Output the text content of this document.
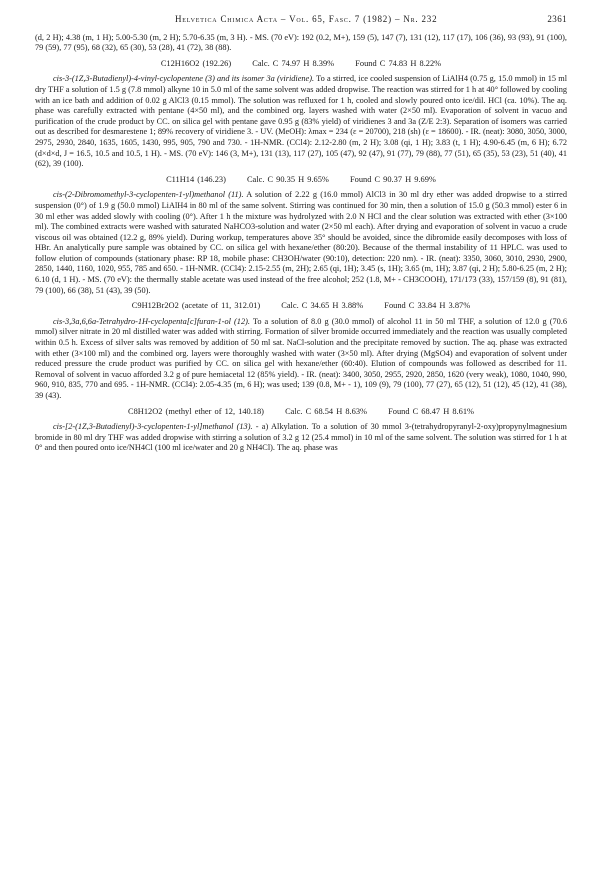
Helvetica Chimica Acta – Vol. 65, Fasc. 7 (1982) – Nr. 232	2361

(d, 2 H); 4.38 (m, 1 H); 5.00-5.30 (m, 2 H); 5.70-6.35 (m, 3 H). - MS. (70 eV): 192 (0.2, M+), 159 (5), 147 (7), 131 (12), 117 (17), 106 (36), 93 (93), 91 (100), 79 (59), 77 (95), 68 (32), 65 (30), 53 (28), 41 (72), 38 (88).

C12H16O2 (192.26)	Calc. C 74.97 H 8.39%	Found C 74.83 H 8.22%

cis-3-(1Z,3-Butadienyl)-4-vinyl-cyclopentene (3) and its isomer 3a (viridiene). To a stirred, ice cooled suspension of LiAlH4 (0.75 g, 15.0 mmol) in 15 ml dry THF a solution of 1.5 g (7.8 mmol) alkyne 10 in 5.0 ml of the same solvent was added dropwise. The reaction was stirred for 1 h at 40° followed by cooling with an ice bath and addition of 0.02 g AlCl3 (0.15 mmol). The solution was refluxed for 1 h, cooled and slowly poured onto ice/dil. HCl (ca. 10%). The aq. phase was carefully extracted with pentane (4×50 ml), and the combined org. layers washed with water (2×50 ml). Evaporation of solvent in vacuo and purification of the crude product by CC. on silica gel with pentane gave 0.95 g (83% yield) of viridienes 3 and 3a (Z/E 2:3). Separation of isomers was carried out as described for desmarestene 1; 89% recovery of viridiene 3. - UV. (MeOH): λmax = 234 (ε = 20700), 218 (sh) (ε = 18600). - IR. (neat): 3080, 3050, 3000, 2975, 2930, 2840, 1635, 1605, 1430, 995, 905, 790 and 730. - 1H-NMR. (CCl4): 2.12-2.80 (m, 2 H); 3.08 (qi, 1 H); 3.83 (t, 1 H); 4.90-6.45 (m, 6 H); 6.72 (d×d×d, J = 16.5, 10.5 and 10.5, 1 H). - MS. (70 eV): 146 (3, M+), 131 (13), 117 (27), 105 (47), 92 (47), 91 (77), 79 (88), 77 (51), 65 (35), 53 (23), 51 (40), 41 (62), 39 (100).

C11H14 (146.23)	Calc. C 90.35 H 9.65%	Found C 90.37 H 9.69%

cis-(2-Dibromomethyl-3-cyclopenten-1-yl)methanol (11). A solution of 2.22 g (16.0 mmol) AlCl3 in 30 ml dry ether was added dropwise to a stirred suspension (0°) of 1.9 g (50.0 mmol) LiAlH4 in 80 ml of the same solvent. Stirring was continued for 30 min, then a solution of 15.0 g (50.3 mmol) ester 6 in 30 ml ether was added slowly with cooling (0°). After 1 h the mixture was hydrolyzed with 2.0 N HCl and the clear solution was extracted with ether (3×100 ml). The combined extracts were washed with saturated NaHCO3-solution and water (2×50 ml each). After drying and evaporation of solvent in vacuo a crude viscous oil was obtained (12.2 g, 89% yield). During workup, temperatures above 35° should be avoided, since the dibromide easily decomposes with loss of HBr. An analytically pure sample was obtained by CC. on silica gel with hexane/ether (80:20). Because of the thermal instability of 11 HPLC. was used to follow elution of compounds (stationary phase: RP 18, mobile phase: CH3OH/water (90:10), detection: 220 nm). - IR. (neat): 3350, 3060, 3010, 2930, 2900, 2850, 1440, 1160, 1020, 955, 785 and 650. - 1H-NMR. (CCl4): 2.15-2.55 (m, 2H); 2.65 (qi, 1H); 3.45 (s, 1H); 3.65 (m, 1H); 3.87 (qi, 2 H); 5.80-6.25 (m, 2 H); 6.10 (d, 1 H). - MS. (70 eV): the thermally stable acetate was used instead of the free alcohol; 252 (1.8, M+ - CH3COOH), 171/173 (33), 157/159 (8), 91 (81), 79 (100), 66 (38), 51 (43), 39 (50).

C9H12Br2O2 (acetate of 11, 312.01)	Calc. C 34.65 H 3.88%	Found C 33.84 H 3.87%

cis-3,3a,6,6a-Tetrahydro-1H-cyclopenta[c]furan-1-ol (12). To a solution of 8.0 g (30.0 mmol) of alcohol 11 in 50 ml THF, a solution of 12.0 g (70.6 mmol) silver nitrate in 20 ml distilled water was added with stirring. Formation of silver bromide occurred immediately and the reaction was usually completed within 0.5 h. Excess of silver salts was removed by addition of 50 ml sat. NaCl-solution and the precipitate removed by suction. The aq. phase was extracted with ether (3×100 ml) and the combined org. layers were thoroughly washed with water (3×50 ml). After drying (MgSO4) and evaporation of solvent under reduced pressure the crude product was purified by CC. on silica gel with hexane/ether (60:40). Elution of compounds was followed as described for 11. Removal of solvent in vacuo afforded 3.2 g of pure hemiacetal 12 (85% yield). - IR. (neat): 3400, 3050, 2955, 2920, 2850, 1620 (very weak), 1080, 1040, 990, 960, 910, 835, 770 and 695. - 1H-NMR. (CCl4): 2.05-4.35 (m, 6 H); was used; 139 (0.8, M+ - 1), 109 (9), 79 (100), 77 (27), 65 (12), 51 (12), 45 (12), 41 (38), 39 (43).

C8H12O2 (methyl ether of 12, 140.18)	Calc. C 68.54 H 8.63%	Found C 68.47 H 8.61%

cis-[2-(1Z,3-Butadienyl)-3-cyclopenten-1-yl]methanol (13). - a) Alkylation. To a solution of 30 mmol 3-(tetrahydropyranyl-2-oxy)propynylmagnesium bromide in 80 ml dry THF was added dropwise with stirring a solution of 3.2 g 12 (25.4 mmol) in 10 ml of the same solvent. The solution was stirred for 1 h at 0° and then poured onto ice/NH4Cl (100 ml ice/water and 20 g NH4Cl). The aq. phase was
